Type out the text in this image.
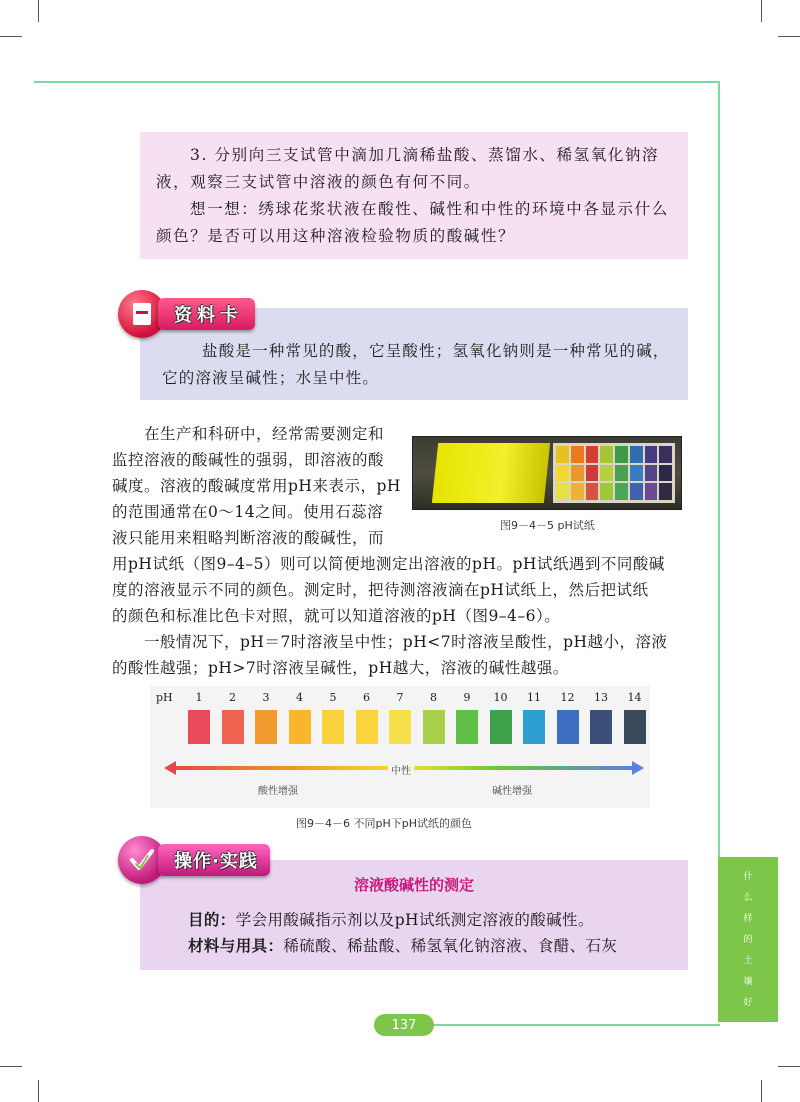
3. 分别向三支试管中滴加几滴稀盐酸、蒸馏水、稀氢氧化钠溶液，观察三支试管中溶液的颜色有何不同。

想一想：绣球花浆状液在酸性、碱性和中性的环境中各显示什么颜色？是否可以用这种溶液检验物质的酸碱性？

盐酸是一种常见的酸，它呈酸性；氢氧化钠则是一种常见的碱，它的溶液呈碱性；水呈中性。

资料卡
在生产和科研中，经常需要测定和
监控溶液的酸碱性的强弱，即溶液的酸
碱度。溶液的酸碱度常用pH来表示，pH
的范围通常在0～14之间。使用石蕊溶
液只能用来粗略判断溶液的酸碱性，而
用pH试纸（图9–4–5）则可以简便地测定出溶液的pH。pH试纸遇到不同酸碱
度的溶液显示不同的颜色。测定时，把待测溶液滴在pH试纸上，然后把试纸
的颜色和标准比色卡对照，就可以知道溶液的pH（图9–4–6）。
一般情况下，pH＝7时溶液呈中性；pH<7时溶液呈酸性，pH越小，溶液
的酸性越强；pH>7时溶液呈碱性，pH越大，溶液的碱性越强。
图9－4－5 pH试纸
pH
中性
酸性增强	碱性增强
1 2 3 4 5 6 7 8 9 10 11 12 13 14
图9－4－6 不同pH下pH试纸的颜色
溶液酸碱性的测定

目的：学会用酸碱指示剂以及pH试纸测定溶液的酸碱性。

材料与用具：稀硫酸、稀盐酸、稀氢氧化钠溶液、食醋、石灰

操作·实践
什
么
样
的
土
壤
好
137
